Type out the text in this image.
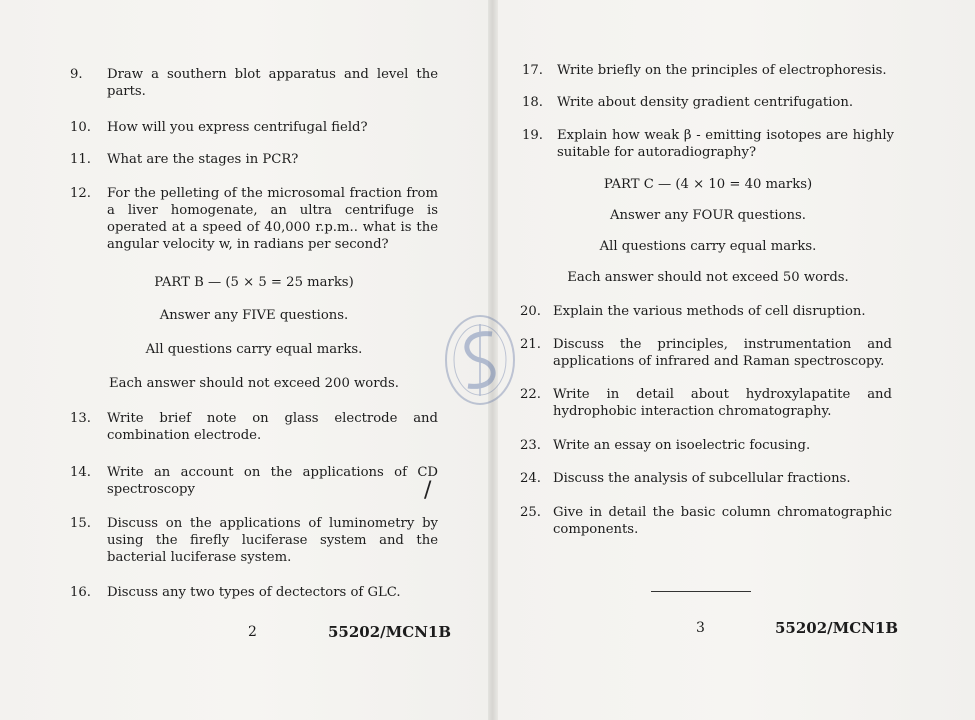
9.	Draw a southern blot apparatus and level the parts.
10.	How will you express centrifugal field?
11.	What are the stages in PCR?
12.	For the pelleting of the microsomal fraction from a liver homogenate, an ultra centrifuge is operated at a speed of 40,000 r.p.m.. what is the angular velocity w, in radians per second?
PART B — (5 × 5 = 25 marks)
Answer any FIVE questions.
All questions carry equal marks.
Each answer should not exceed 200 words.
13.	Write brief note on glass electrode and combination electrode.
14.	Write an account on the applications of CD spectroscopy	/
15.	Discuss on the applications of luminometry by using the firefly luciferase system and the bacterial luciferase system.
16.	Discuss any two types of dectectors of GLC.
2	55202/MCN1B
17.	Write briefly on the principles of electrophoresis.
18.	Write about density gradient centrifugation.
19.	Explain how weak β - emitting isotopes are highly suitable for autoradiography?
PART C — (4 × 10 = 40 marks)
Answer any FOUR questions.
All questions carry equal marks.
Each answer should not exceed 50 words.
20. Explain the various methods of cell disruption.
21. Discuss the principles, instrumentation and applications of infrared and Raman spectroscopy.
22. Write in detail about hydroxylapatite and hydrophobic interaction chromatography.
23. Write an essay on isoelectric focusing.
24. Discuss the analysis of subcellular fractions.
25. Give in detail the basic column chromatographic components.
3	55202/MCN1B
